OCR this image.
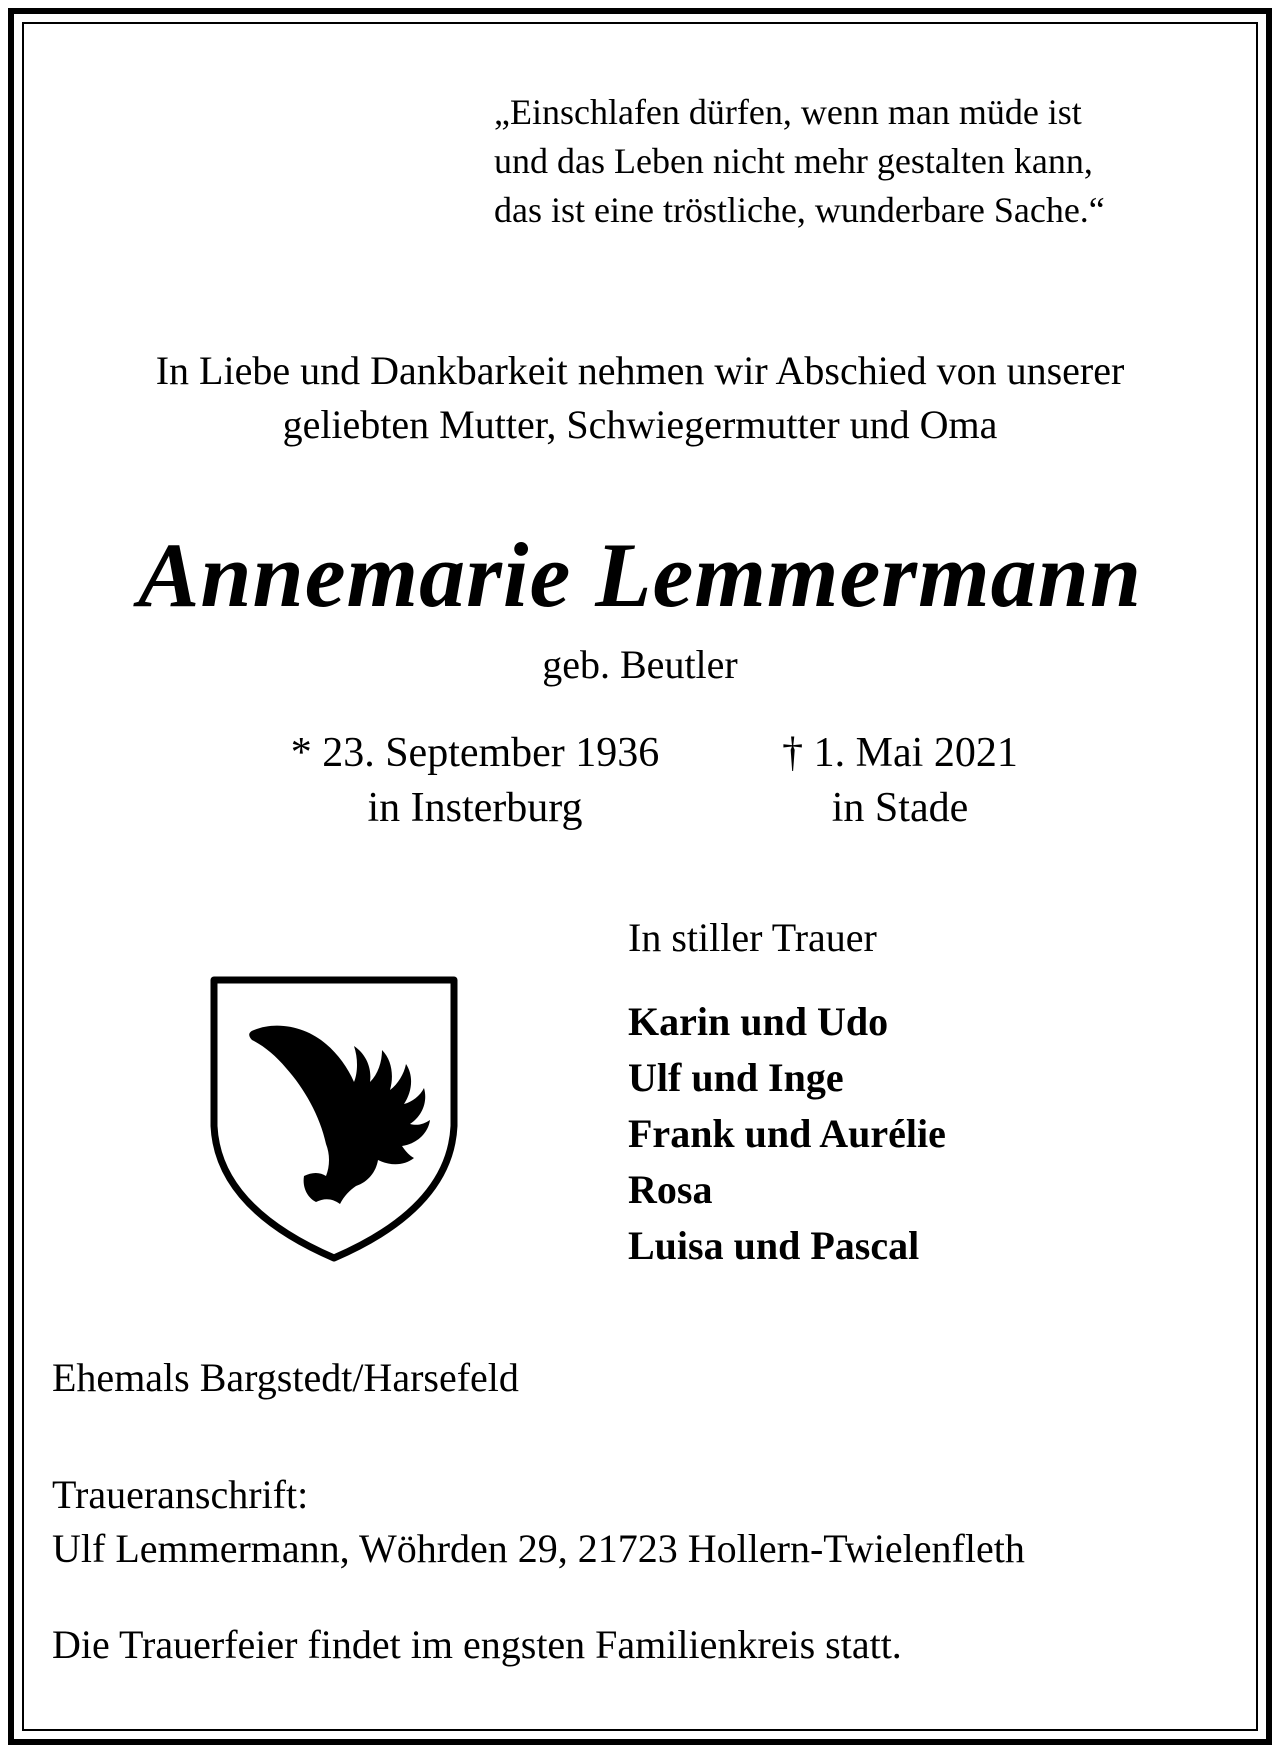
„Einschlafen dürfen, wenn man müde ist
und das Leben nicht mehr gestalten kann,
das ist eine tröstliche, wunderbare Sache.“
In Liebe und Dankbarkeit nehmen wir Abschied von unserer
geliebten Mutter, Schwiegermutter und Oma
Annemarie Lemmermann
geb. Beutler
* 23. September 1936
in Insterburg
† 1. Mai 2021
in Stade
In stiller Trauer
Karin und Udo
Ulf und Inge
Frank und Aurélie
Rosa
Luisa und Pascal
Ehemals Bargstedt/Harsefeld
Traueranschrift:
Ulf Lemmermann, Wöhrden 29, 21723 Hollern-Twielenfleth
Die Trauerfeier findet im engsten Familienkreis statt.
